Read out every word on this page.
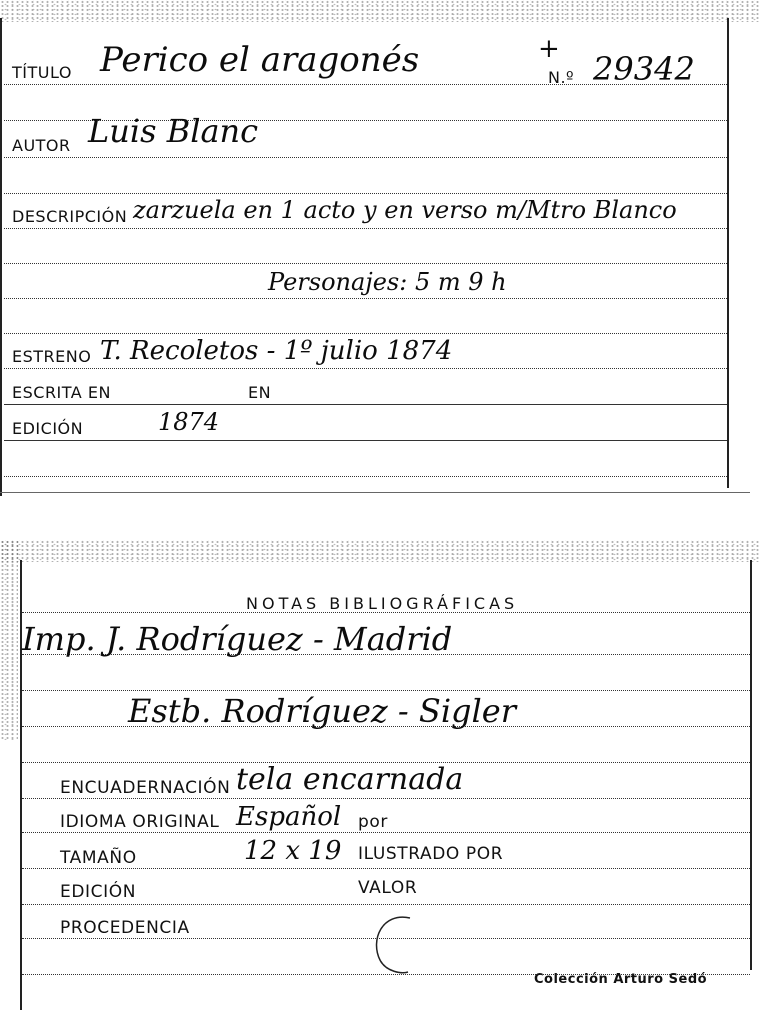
TÍTULO Perico el aragonés	+
N.º 29342
AUTOR Luis Blanc
DESCRIPCIÓN zarzuela en 1 acto y en verso m/Mtro Blanco
Personajes: 5 m 9 h
ESTRENO T. Recoletos - 1º julio 1874
ESCRITA EN	EN
EDICIÓN	1874
NOTAS BIBLIOGRÁFICAS
Imp. J. Rodríguez - Madrid
Estb. Rodríguez - Sigler
ENCUADERNACIÓN tela encarnada
IDIOMA ORIGINAL Español por
TAMAÑO	12 x 19 ILUSTRADO POR
EDICIÓN	VALOR
PROCEDENCIA
Colección Arturo Sedó
